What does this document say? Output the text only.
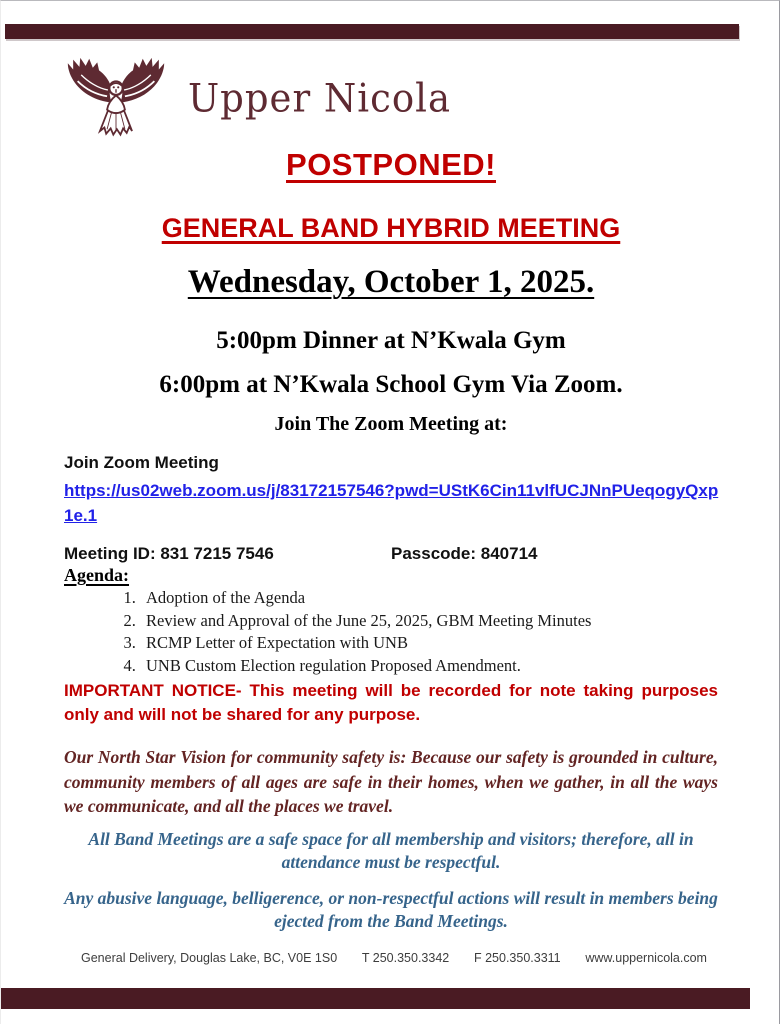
Upper Nicola
POSTPONED!
GENERAL BAND HYBRID MEETING
Wednesday, October 1, 2025.
5:00pm Dinner at N’Kwala Gym
6:00pm at N’Kwala School Gym Via Zoom.
Join The Zoom Meeting at:
Join Zoom Meeting
https://us02web.zoom.us/j/83172157546?pwd=UStK6Cin11vlfUCJNnPUeqogyQxp1e.1
Meeting ID: 831 7215 7546	Passcode: 840714
Agenda:
1. Adoption of the Agenda
2. Review and Approval of the June 25, 2025, GBM Meeting Minutes
3. RCMP Letter of Expectation with UNB
4. UNB Custom Election regulation Proposed Amendment.
IMPORTANT NOTICE- This meeting will be recorded for note taking purposes only and will not be shared for any purpose.
Our North Star Vision for community safety is: Because our safety is grounded in culture, community members of all ages are safe in their homes, when we gather, in all the ways we communicate, and all the places we travel.
All Band Meetings are a safe space for all membership and visitors; therefore, all in attendance must be respectful.
Any abusive language, belligerence, or non-respectful actions will result in members being ejected from the Band Meetings.
General Delivery, Douglas Lake, BC, V0E 1S0 T 250.350.3342 F 250.350.3311 www.uppernicola.com
